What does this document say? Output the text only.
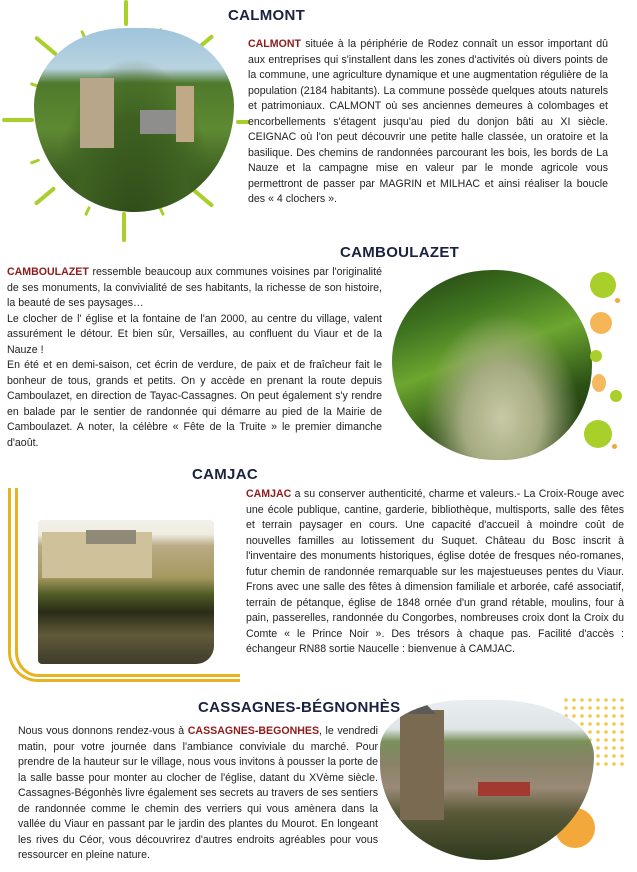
CALMONT

CALMONT située à la périphérie de Rodez connaît un essor important dû aux entreprises qui s'installent dans les zones d'activités où divers points de la commune, une agriculture dynamique et une augmentation régulière de la population (2184 habitants). La commune possède quelques atouts naturels et patrimoniaux. CALMONT où ses anciennes demeures à colombages et encorbellements s'étagent jusqu'au pied du donjon bâti au XI siècle. CEIGNAC où l'on peut découvrir une petite halle classée, un oratoire et la basilique. Des chemins de randonnées parcourant les bois, les bords de La Nauze et la campagne mise en valeur par le monde agricole vous permettront de passer par MAGRIN et MILHAC et ainsi réaliser la boucle des « 4 clochers ».

CAMBOULAZET

CAMBOULAZET ressemble beaucoup aux communes voisines par l'originalité de ses monuments, la convivialité de ses habitants, la richesse de son histoire, la beauté de ses paysages…

Le clocher de l' église et la fontaine de l'an 2000, au centre du village, valent assurément le détour. Et bien sûr, Versailles, au confluent du Viaur et de la Nauze !

En été et en demi-saison, cet écrin de verdure, de paix et de fraîcheur fait le bonheur de tous, grands et petits. On y accède en prenant la route depuis Camboulazet, en direction de Tayac-Cassagnes. On peut également s'y rendre en balade par le sentier de randonnée qui démarre au pied de la Mairie de Camboulazet. A noter, la célèbre « Fête de la Truite » le premier dimanche d'août.

CAMJAC

CAMJAC a su conserver authenticité, charme et valeurs.- La Croix-Rouge avec une école publique, cantine, garderie, bibliothèque, multisports, salle des fêtes et terrain paysager en cours. Une capacité d'accueil à moindre coût de nouvelles familles au lotissement du Suquet. Château du Bosc inscrit à l'inventaire des monuments historiques, église dotée de fresques néo-romanes, futur chemin de randonnée remarquable sur les majestueuses pentes du Viaur. Frons avec une salle des fêtes à dimension familiale et arborée, café associatif, terrain de pétanque, église de 1848 ornée d'un grand rétable, moulins, four à pain, passerelles, randonnée du Congorbes, nombreuses croix dont la Croix du Comte « le Prince Noir ». Des trésors à chaque pas. Facilité d'accès : échangeur RN88 sortie Naucelle : bienvenue à CAMJAC.

CASSAGNES-BÉGNONHÈS

Nous vous donnons rendez-vous à CASSAGNES-BEGONHES, le vendredi matin, pour votre journée dans l'ambiance conviviale du marché. Pour prendre de la hauteur sur le village, nous vous invitons à pousser la porte de la salle basse pour monter au clocher de l'église, datant du XVème siècle. Cassagnes-Bégonhès livre également ses secrets au travers de ses sentiers de randonnée comme le chemin des verriers qui vous amènera dans la vallée du Viaur en passant par le jardin des plantes du Mourot. En longeant les rives du Céor, vous découvrirez d'autres endroits agréables pour vous ressourcer en pleine nature.
